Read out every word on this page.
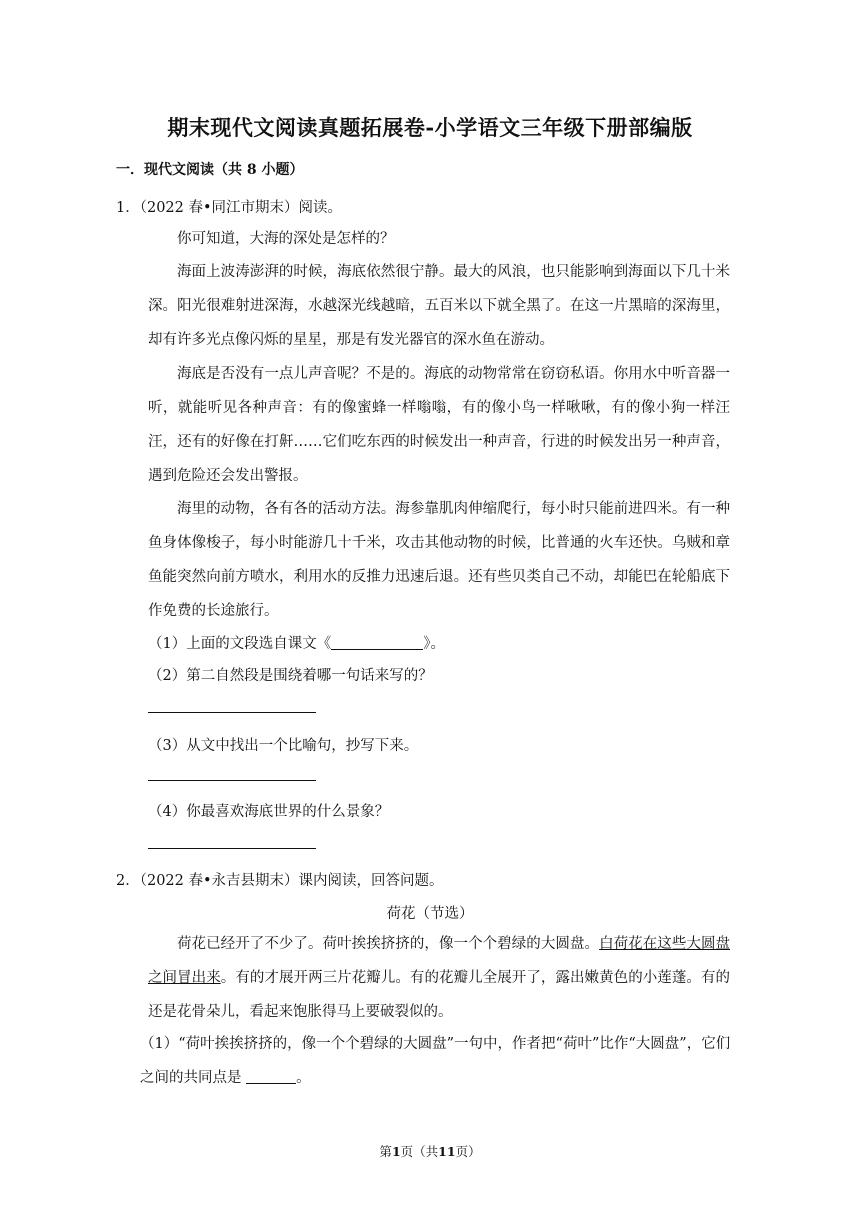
期末现代文阅读真题拓展卷-小学语文三年级下册部编版
一．现代文阅读（共 8 小题）
1．（2022 春•同江市期末）阅读。
你可知道，大海的深处是怎样的？
海面上波涛澎湃的时候，海底依然很宁静。最大的风浪，也只能影响到海面以下几十米深。阳光很难射进深海，水越深光线越暗，五百米以下就全黑了。在这一片黑暗的深海里，却有许多光点像闪烁的星星，那是有发光器官的深水鱼在游动。
海底是否没有一点儿声音呢？不是的。海底的动物常常在窃窃私语。你用水中听音器一听，就能听见各种声音：有的像蜜蜂一样嗡嗡，有的像小鸟一样啾啾，有的像小狗一样汪汪，还有的好像在打鼾……它们吃东西的时候发出一种声音，行进的时候发出另一种声音，遇到危险还会发出警报。
海里的动物，各有各的活动方法。海参靠肌肉伸缩爬行，每小时只能前进四米。有一种鱼身体像梭子，每小时能游几十千米，攻击其他动物的时候，比普通的火车还快。乌贼和章鱼能突然向前方喷水，利用水的反推力迅速后退。还有些贝类自己不动，却能巴在轮船底下作免费的长途旅行。
（1）上面的文段选自课文《	》。
（2）第二自然段是围绕着哪一句话来写的？
（3）从文中找出一个比喻句，抄写下来。
（4）你最喜欢海底世界的什么景象？
2．（2022 春•永吉县期末）课内阅读，回答问题。
荷花（节选）
荷花已经开了不少了。荷叶挨挨挤挤的，像一个个碧绿的大圆盘。白荷花在这些大圆盘之间冒出来。有的才展开两三片花瓣儿。有的花瓣儿全展开了，露出嫩黄色的小莲蓬。有的还是花骨朵儿，看起来饱胀得马上要破裂似的。
（1）“荷叶挨挨挤挤的，像一个个碧绿的大圆盘”一句中，作者把“荷叶”比作“大圆盘”，它们之间的共同点是	。
第1页（共11页）
